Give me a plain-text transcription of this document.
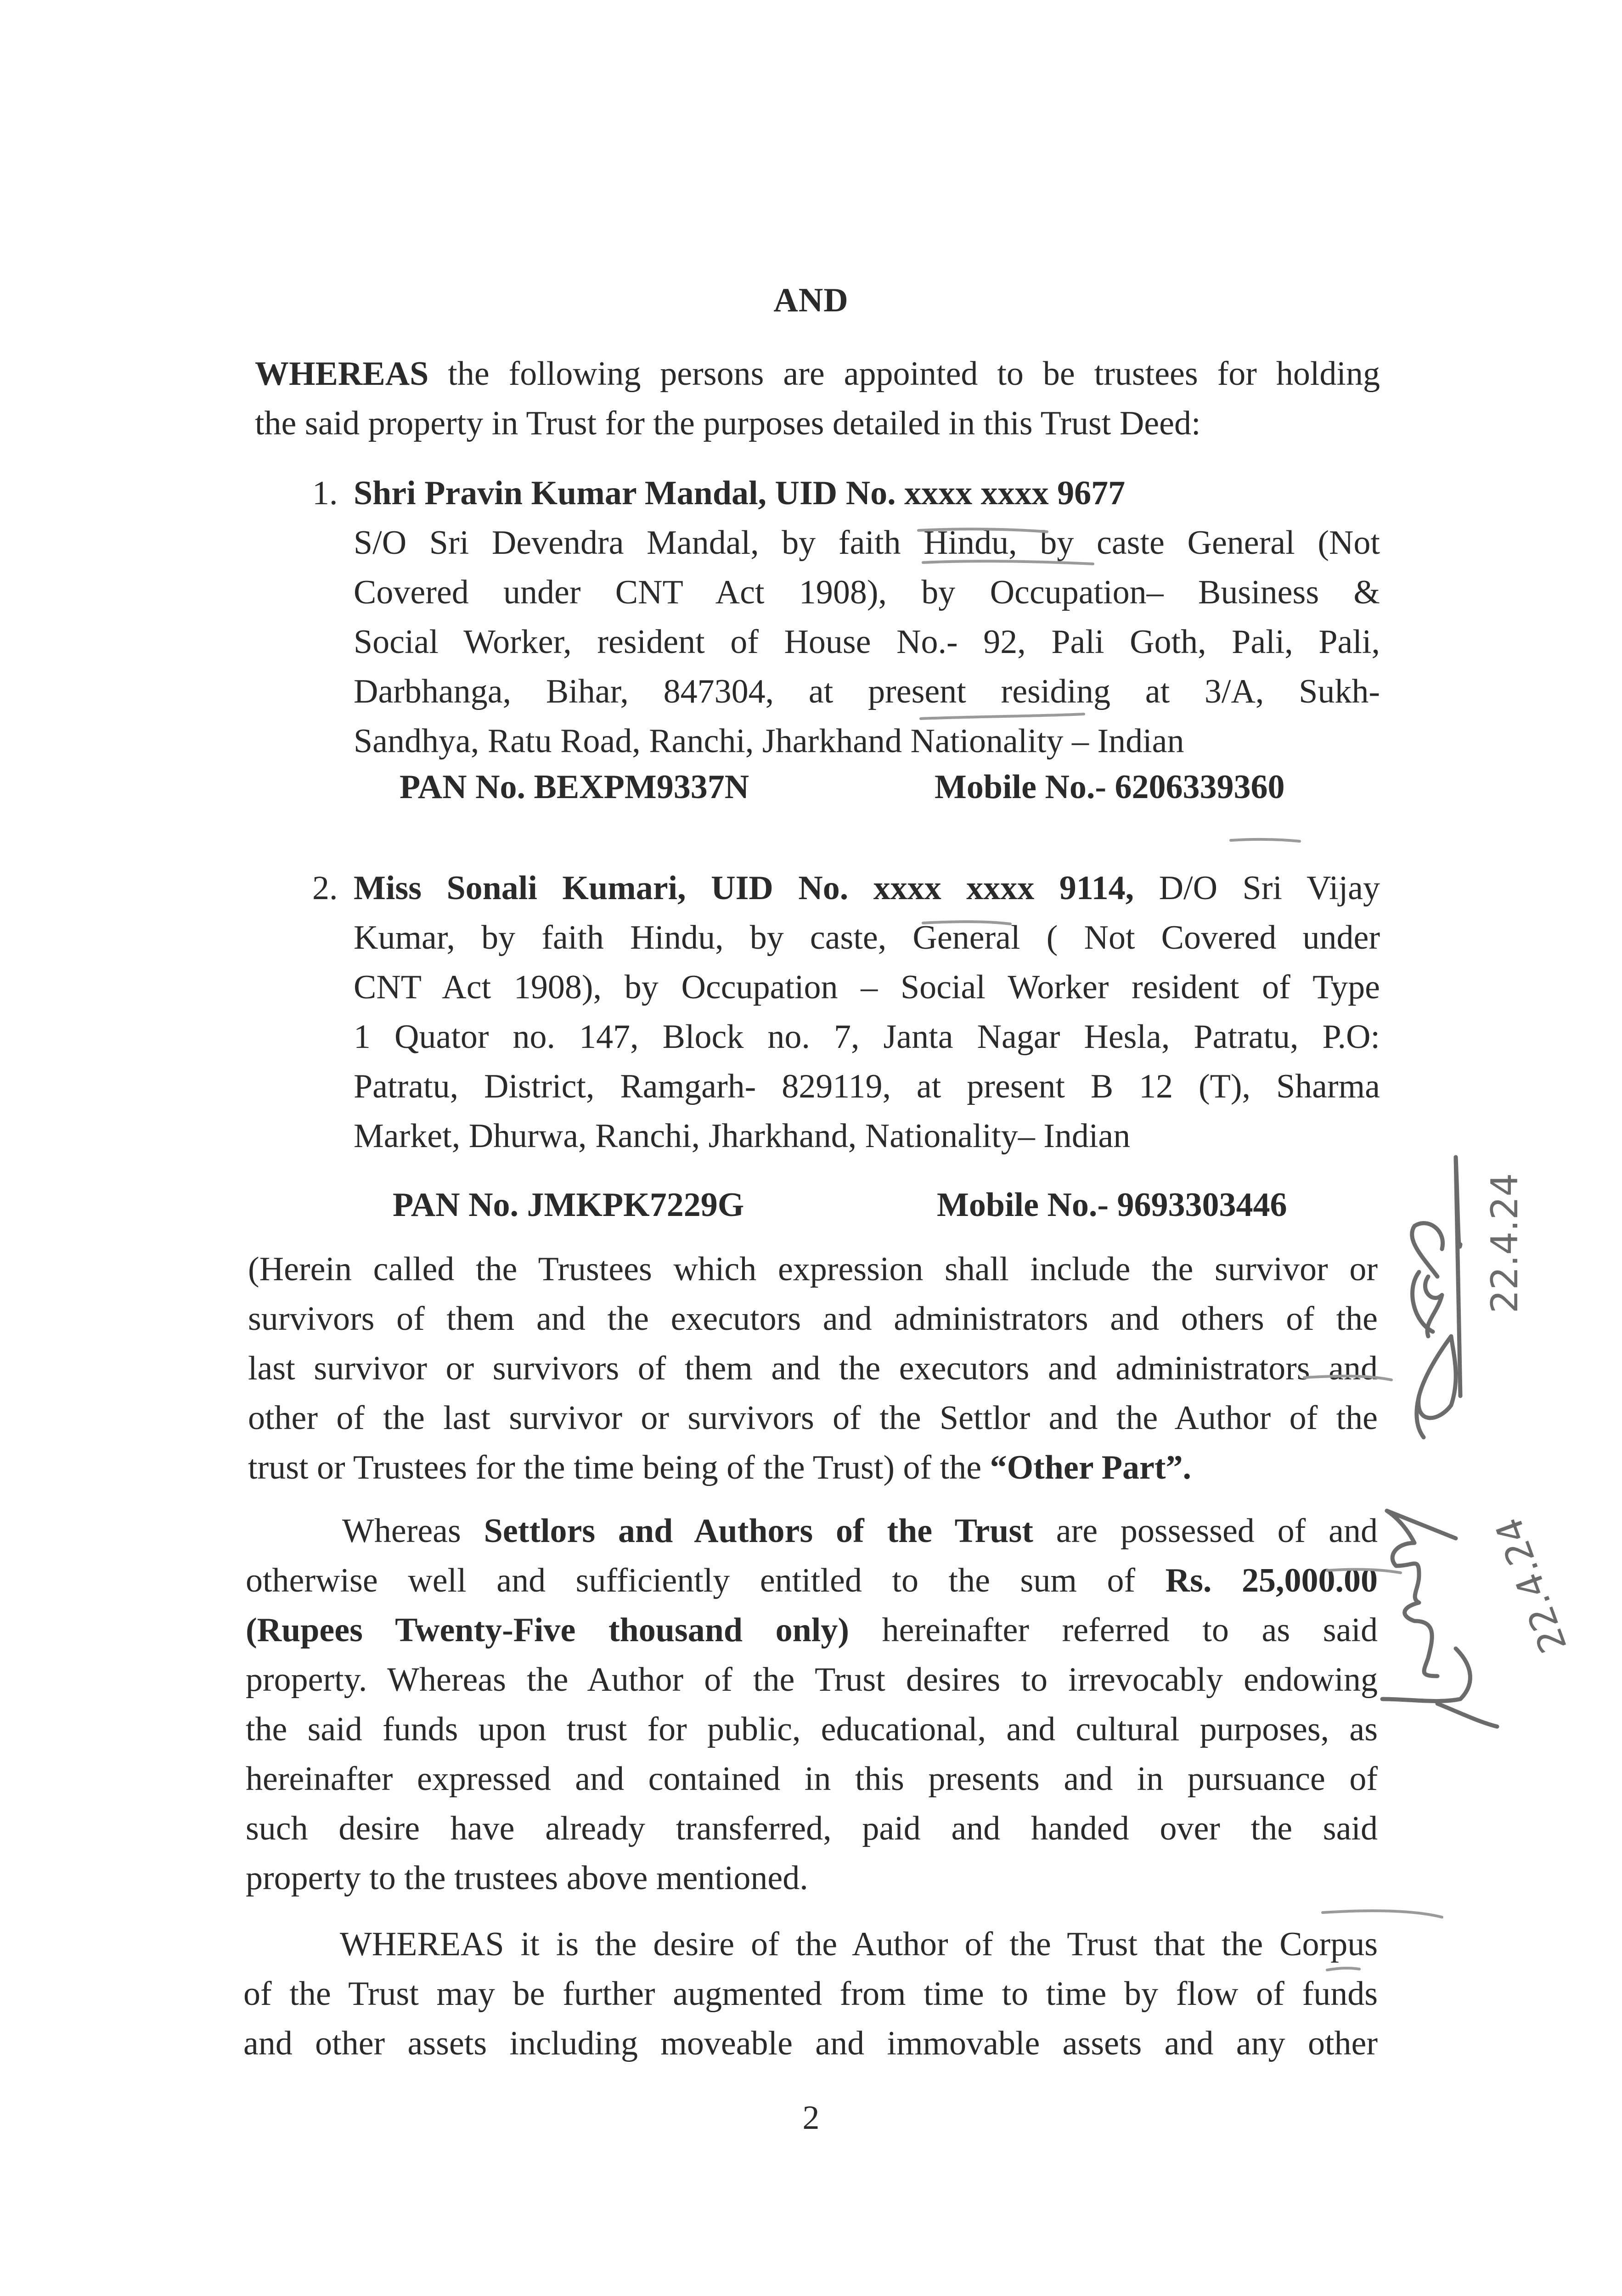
AND
WHEREAS the following persons are appointed to be trustees for holding
the said property in Trust for the purposes detailed in this Trust Deed:
1. Shri Pravin Kumar Mandal, UID No. xxxx xxxx 9677
S/O Sri Devendra Mandal, by faith Hindu, by caste General (Not
Covered under CNT Act 1908), by Occupation– Business &
Social Worker, resident of House No.- 92, Pali Goth, Pali, Pali,
Darbhanga, Bihar, 847304, at present residing at 3/A, Sukh-
Sandhya, Ratu Road, Ranchi, Jharkhand Nationality – Indian
PAN No. BEXPM9337N	Mobile No.- 6206339360
2. Miss Sonali Kumari, UID No. xxxx xxxx 9114, D/O Sri Vijay
Kumar, by faith Hindu, by caste, General ( Not Covered under
CNT Act 1908), by Occupation – Social Worker resident of Type
1 Quator no. 147, Block no. 7, Janta Nagar Hesla, Patratu, P.O:
Patratu, District, Ramgarh- 829119, at present B 12 (T), Sharma
Market, Dhurwa, Ranchi, Jharkhand, Nationality– Indian
PAN No. JMKPK7229G	Mobile No.- 9693303446
(Herein called the Trustees which expression shall include the survivor or
survivors of them and the executors and administrators and others of the
last survivor or survivors of them and the executors and administrators and
other of the last survivor or survivors of the Settlor and the Author of the
trust or Trustees for the time being of the Trust) of the “Other Part”.
Whereas Settlors and Authors of the Trust are possessed of and
otherwise well and sufficiently entitled to the sum of Rs. 25,000.00
(Rupees Twenty-Five thousand only) hereinafter referred to as said
property. Whereas the Author of the Trust desires to irrevocably endowing
the said funds upon trust for public, educational, and cultural purposes, as
hereinafter expressed and contained in this presents and in pursuance of
such desire have already transferred, paid and handed over the said
property to the trustees above mentioned.
WHEREAS it is the desire of the Author of the Trust that the Corpus
of the Trust may be further augmented from time to time by flow of funds
and other assets including moveable and immovable assets and any other
2
22.4.24
22.4.24
